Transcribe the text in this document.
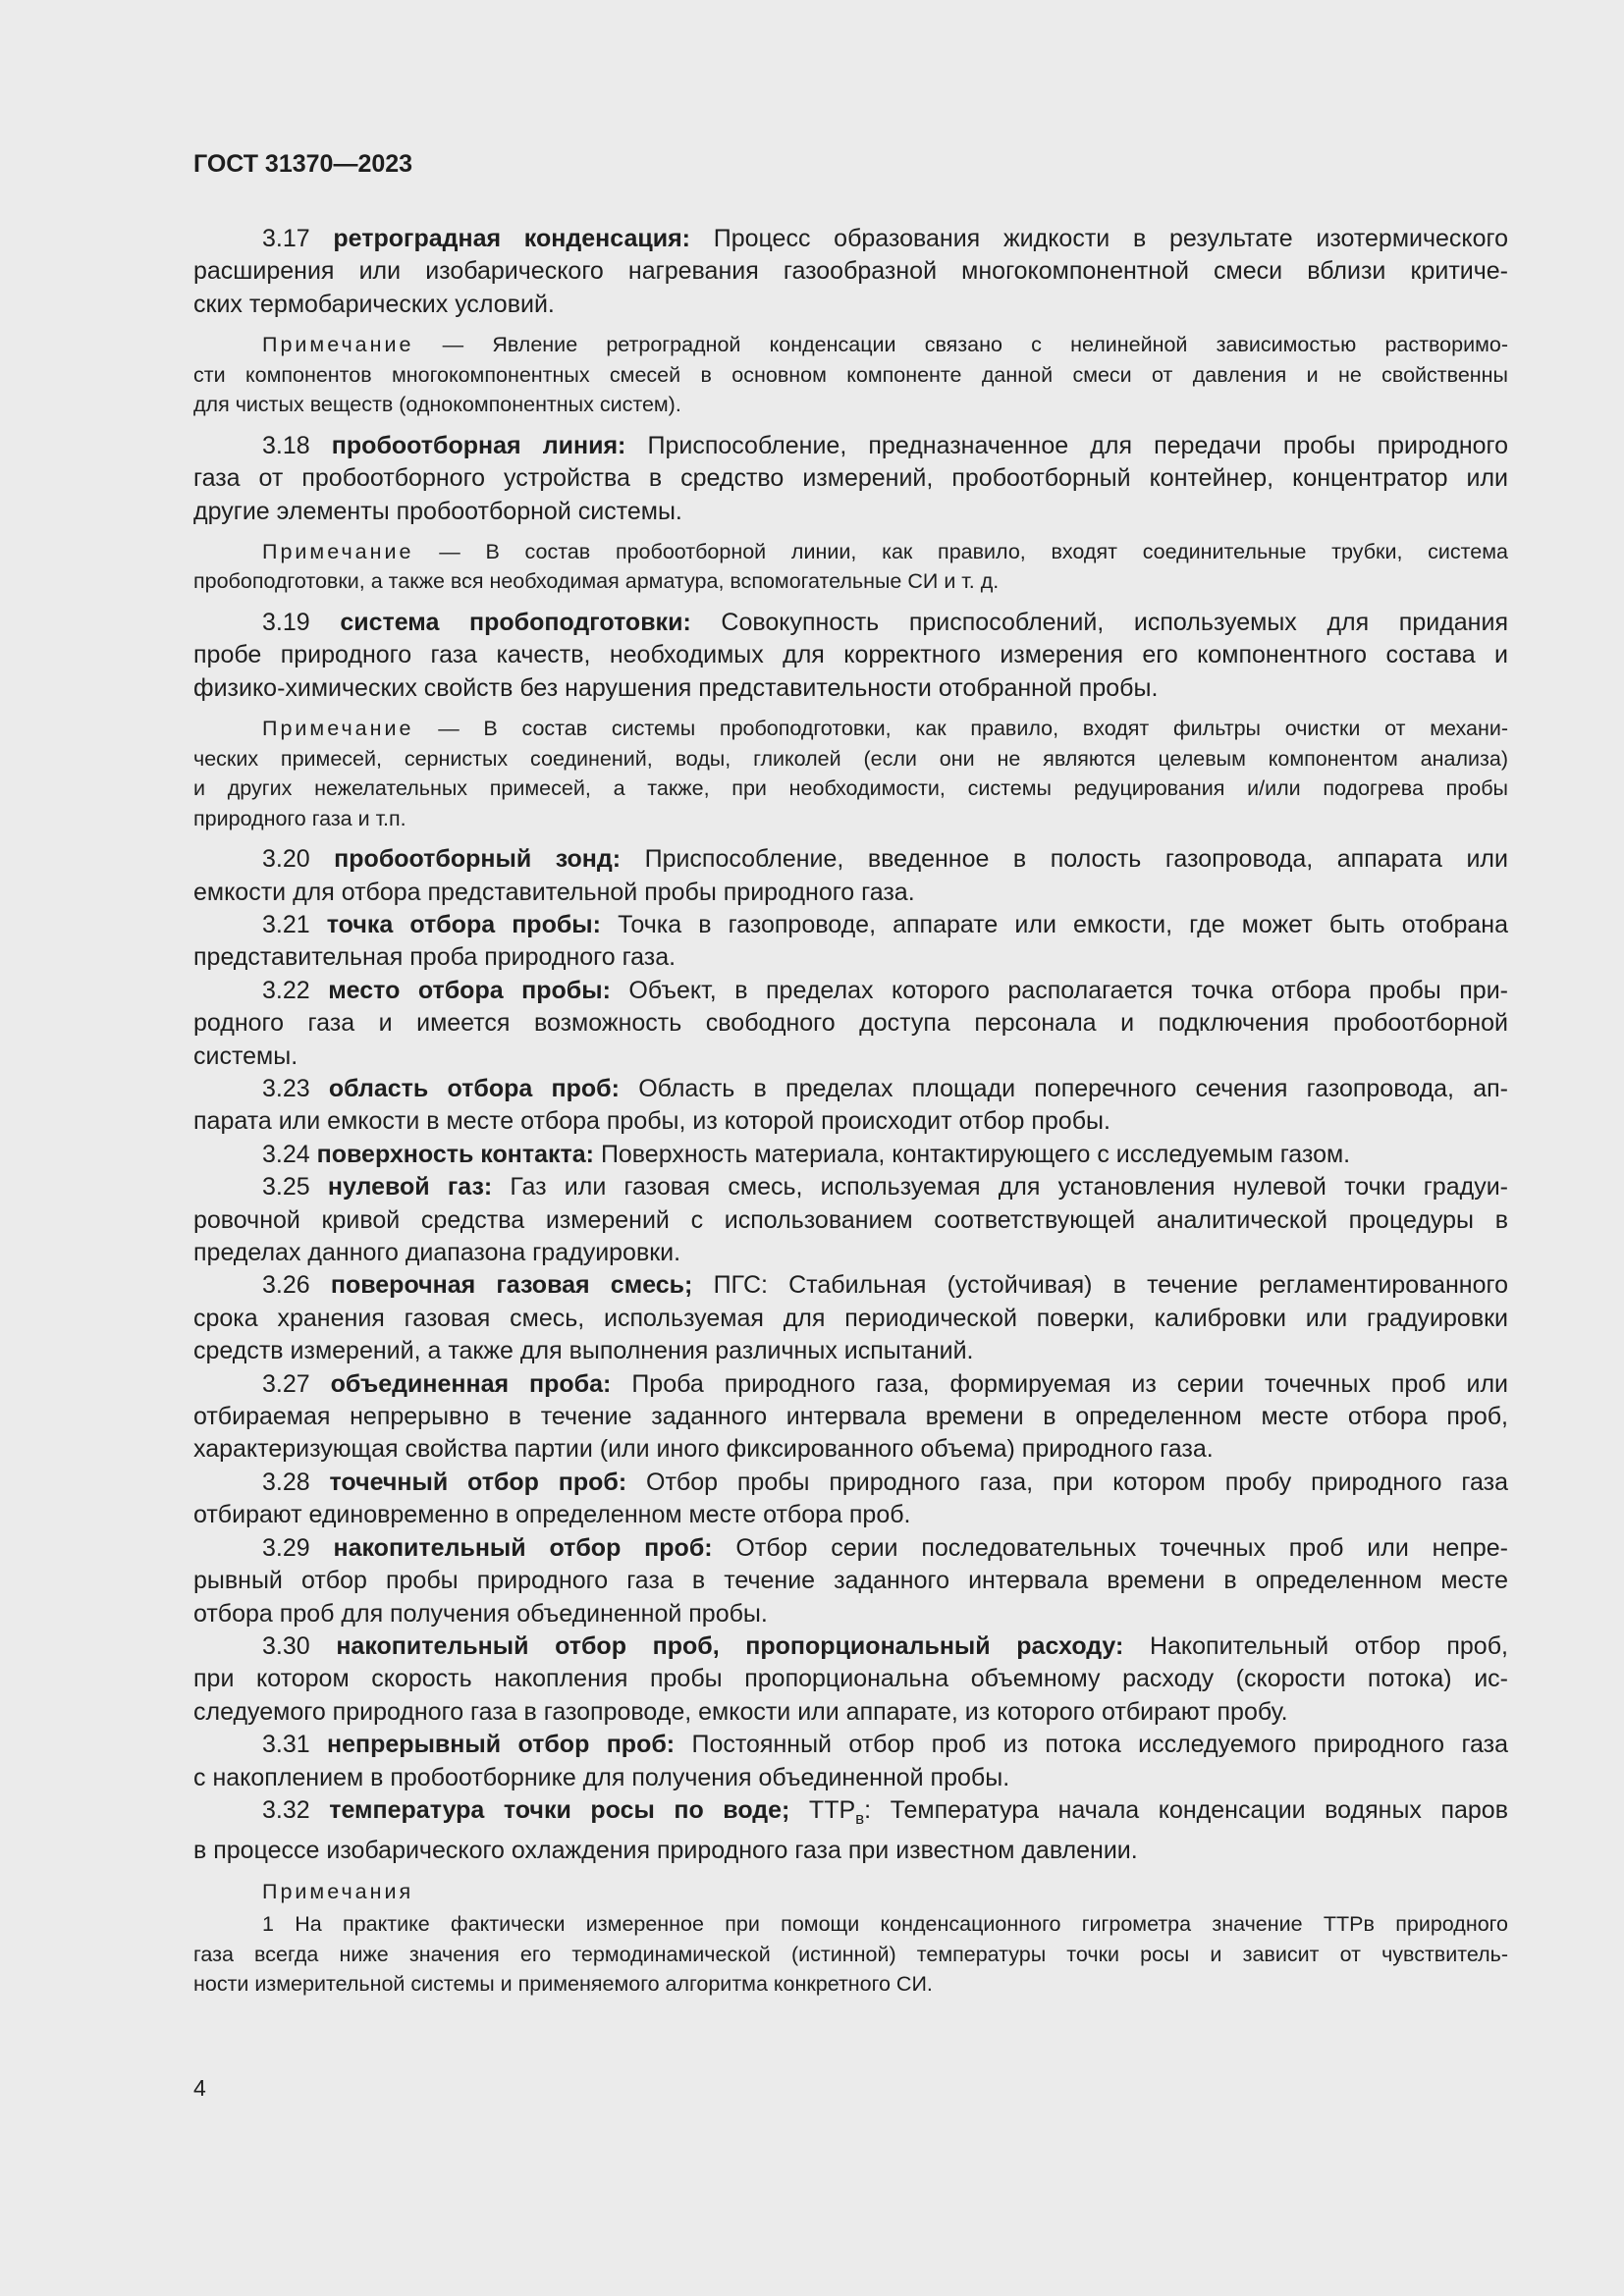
ГОСТ 31370—2023
3.17 ретроградная конденсация: Процесс образования жидкости в результате изотермического
расширения или изобарического нагревания газообразной многокомпонентной смеси вблизи критиче-
ских термобарических условий.
Примечание — Явление ретроградной конденсации связано с нелинейной зависимостью растворимо-
сти компонентов многокомпонентных смесей в основном компоненте данной смеси от давления и не свойственны
для чистых веществ (однокомпонентных систем).
3.18 пробоотборная линия: Приспособление, предназначенное для передачи пробы природного
газа от пробоотборного устройства в средство измерений, пробоотборный контейнер, концентратор или
другие элементы пробоотборной системы.
Примечание — В состав пробоотборной линии, как правило, входят соединительные трубки, система
пробоподготовки, а также вся необходимая арматура, вспомогательные СИ и т. д.
3.19 система пробоподготовки: Совокупность приспособлений, используемых для придания
пробе природного газа качеств, необходимых для корректного измерения его компонентного состава и
физико-химических свойств без нарушения представительности отобранной пробы.
Примечание — В состав системы пробоподготовки, как правило, входят фильтры очистки от механи-
ческих примесей, сернистых соединений, воды, гликолей (если они не являются целевым компонентом анализа)
и других нежелательных примесей, а также, при необходимости, системы редуцирования и/или подогрева пробы
природного газа и т.п.
3.20 пробоотборный зонд: Приспособление, введенное в полость газопровода, аппарата или
емкости для отбора представительной пробы природного газа.
3.21 точка отбора пробы: Точка в газопроводе, аппарате или емкости, где может быть отобрана
представительная проба природного газа.
3.22 место отбора пробы: Объект, в пределах которого располагается точка отбора пробы при-
родного газа и имеется возможность свободного доступа персонала и подключения пробоотборной
системы.
3.23 область отбора проб: Область в пределах площади поперечного сечения газопровода, ап-
парата или емкости в месте отбора пробы, из которой происходит отбор пробы.
3.24 поверхность контакта: Поверхность материала, контактирующего с исследуемым газом.
3.25 нулевой газ: Газ или газовая смесь, используемая для установления нулевой точки градуи-
ровочной кривой средства измерений с использованием соответствующей аналитической процедуры в
пределах данного диапазона градуировки.
3.26 поверочная газовая смесь; ПГС: Стабильная (устойчивая) в течение регламентированного
срока хранения газовая смесь, используемая для периодической поверки, калибровки или градуировки
средств измерений, а также для выполнения различных испытаний.
3.27 объединенная проба: Проба природного газа, формируемая из серии точечных проб или
отбираемая непрерывно в течение заданного интервала времени в определенном месте отбора проб,
характеризующая свойства партии (или иного фиксированного объема) природного газа.
3.28 точечный отбор проб: Отбор пробы природного газа, при котором пробу природного газа
отбирают единовременно в определенном месте отбора проб.
3.29 накопительный отбор проб: Отбор серии последовательных точечных проб или непре-
рывный отбор пробы природного газа в течение заданного интервала времени в определенном месте
отбора проб для получения объединенной пробы.
3.30 накопительный отбор проб, пропорциональный расходу: Накопительный отбор проб,
при котором скорость накопления пробы пропорциональна объемному расходу (скорости потока) ис-
следуемого природного газа в газопроводе, емкости или аппарате, из которого отбирают пробу.
3.31 непрерывный отбор проб: Постоянный отбор проб из потока исследуемого природного газа
с накоплением в пробоотборнике для получения объединенной пробы.
3.32 температура точки росы по воде; $ТТР_в$: Температура начала конденсации водяных паров
в процессе изобарического охлаждения природного газа при известном давлении.
Примечания
1 На практике фактически измеренное при помощи конденсационного гигрометра значение ТТРв природного
газа всегда ниже значения его термодинамической (истинной) температуры точки росы и зависит от чувствитель-
ности измерительной системы и применяемого алгоритма конкретного СИ.
4
